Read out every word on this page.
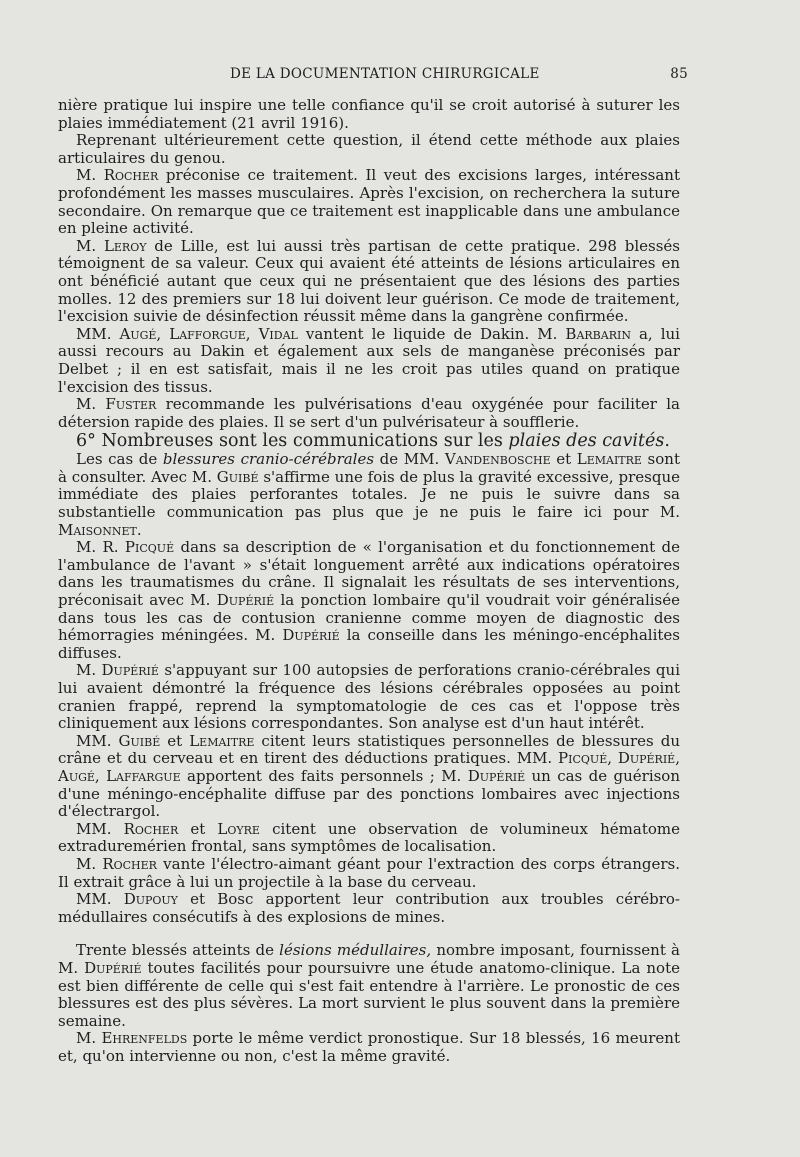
DE LA DOCUMENTATION CHIRURGICALE	85

nière pratique lui inspire une telle confiance qu'il se croit autorisé à suturer les plaies immédiatement (21 avril 1916).

Reprenant ultérieurement cette question, il étend cette méthode aux plaies articulaires du genou.

M. Rocher préconise ce traitement. Il veut des excisions larges, intéressant profondément les masses musculaires. Après l'excision, on recherchera la suture secondaire. On remarque que ce traitement est inapplicable dans une ambulance en pleine activité.

M. Leroy de Lille, est lui aussi très partisan de cette pratique. 298 blessés témoignent de sa valeur. Ceux qui avaient été atteints de lésions articulaires en ont bénéficié autant que ceux qui ne présentaient que des lésions des parties molles. 12 des premiers sur 18 lui doivent leur guérison. Ce mode de traitement, l'excision suivie de désinfection réussit même dans la gangrène confirmée.

MM. Augé, Lafforgue, Vidal vantent le liquide de Dakin. M. Barbarin a, lui aussi recours au Dakin et également aux sels de manganèse préconisés par Delbet ; il en est satisfait, mais il ne les croit pas utiles quand on pratique l'excision des tissus.

M. Fuster recommande les pulvérisations d'eau oxygénée pour faciliter la détersion rapide des plaies. Il se sert d'un pulvérisateur à soufflerie.

6° Nombreuses sont les communications sur les plaies des cavités.

Les cas de blessures cranio-cérébrales de MM. Vandenbosche et Lemaitre sont à consulter. Avec M. Guibé s'affirme une fois de plus la gravité excessive, presque immédiate des plaies perforantes totales. Je ne puis le suivre dans sa substantielle communication pas plus que je ne puis le faire ici pour M. Maisonnet.

M. R. Picqué dans sa description de « l'organisation et du fonctionnement de l'ambulance de l'avant » s'était longuement arrêté aux indications opératoires dans les traumatismes du crâne. Il signalait les résultats de ses interventions, préconisait avec M. Dupérié la ponction lombaire qu'il voudrait voir généralisée dans tous les cas de contusion cranienne comme moyen de diagnostic des hémorragies méningées. M. Dupérié la conseille dans les méningo-encéphalites diffuses.

M. Dupérié s'appuyant sur 100 autopsies de perforations cranio-cérébrales qui lui avaient démontré la fréquence des lésions cérébrales opposées au point cranien frappé, reprend la symptomatologie de ces cas et l'oppose très cliniquement aux lésions correspondantes. Son analyse est d'un haut intérêt.

MM. Guibé et Lemaitre citent leurs statistiques personnelles de blessures du crâne et du cerveau et en tirent des déductions pratiques. MM. Picqué, Dupérié, Augé, Laffargue apportent des faits personnels ; M. Dupérié un cas de guérison d'une méningo-encéphalite diffuse par des ponctions lombaires avec injections d'électrargol.

MM. Rocher et Loyre citent une observation de volumineux hématome extraduremérien frontal, sans symptômes de localisation.

M. Rocher vante l'électro-aimant géant pour l'extraction des corps étrangers. Il extrait grâce à lui un projectile à la base du cerveau.

MM. Dupouy et Bosc apportent leur contribution aux troubles cérébro-médullaires consécutifs à des explosions de mines.

Trente blessés atteints de lésions médullaires, nombre imposant, fournissent à M. Dupérié toutes facilités pour poursuivre une étude anatomo-clinique. La note est bien différente de celle qui s'est fait entendre à l'arrière. Le pronostic de ces blessures est des plus sévères. La mort survient le plus souvent dans la première semaine.

M. Ehrenfelds porte le même verdict pronostique. Sur 18 blessés, 16 meurent et, qu'on intervienne ou non, c'est la même gravité.
